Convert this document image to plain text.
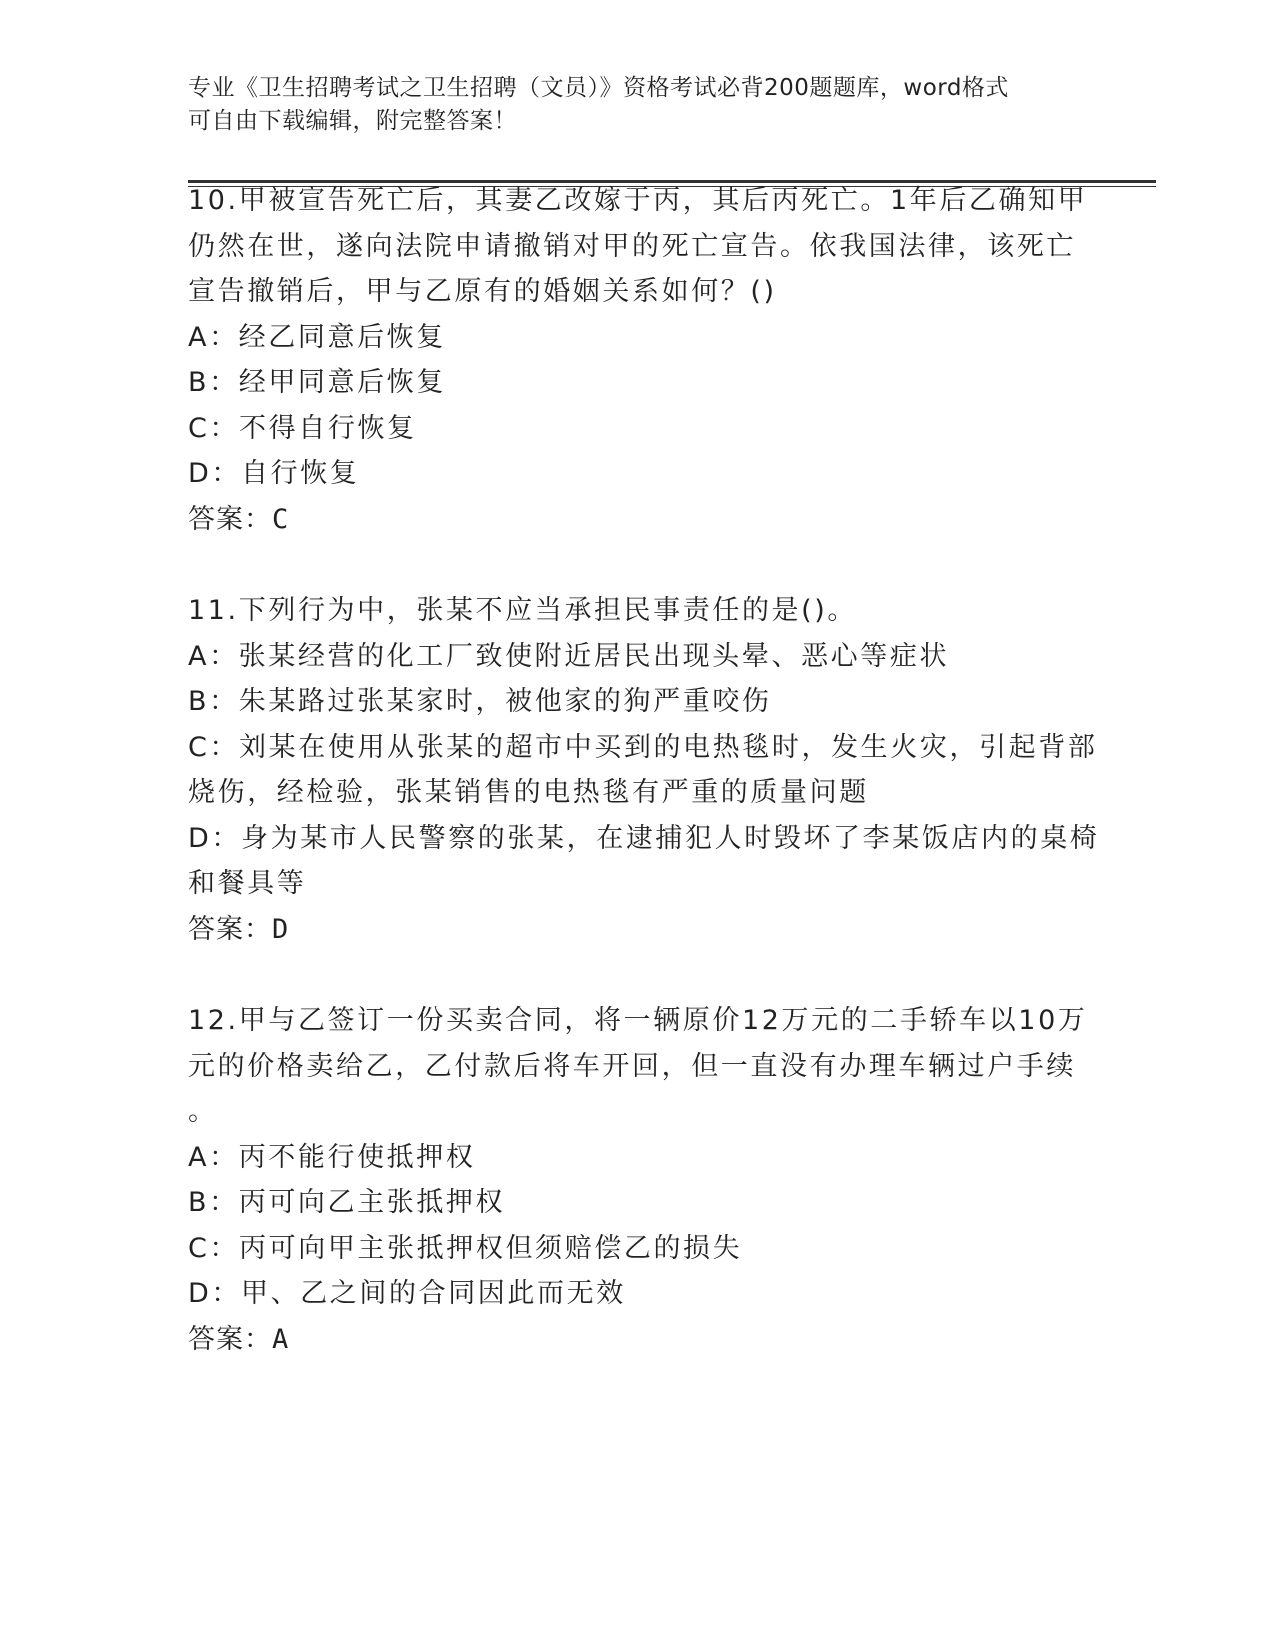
专业《卫生招聘考试之卫生招聘（文员）》资格考试必背200题题库，word格式
可自由下载编辑，附完整答案！
10.甲被宣告死亡后，其妻乙改嫁于丙，其后丙死亡。1年后乙确知甲
仍然在世，遂向法院申请撤销对甲的死亡宣告。依我国法律，该死亡
宣告撤销后，甲与乙原有的婚姻关系如何？()
A：经乙同意后恢复
B：经甲同意后恢复
C：不得自行恢复
D：自行恢复
答案：C
11.下列行为中，张某不应当承担民事责任的是()。
A：张某经营的化工厂致使附近居民出现头晕、恶心等症状
B：朱某路过张某家时，被他家的狗严重咬伤
C：刘某在使用从张某的超市中买到的电热毯时，发生火灾，引起背部
烧伤，经检验，张某销售的电热毯有严重的质量问题
D：身为某市人民警察的张某，在逮捕犯人时毁坏了李某饭店内的桌椅
和餐具等
答案：D
12.甲与乙签订一份买卖合同，将一辆原价12万元的二手轿车以10万
元的价格卖给乙，乙付款后将车开回，但一直没有办理车辆过户手续
。
A：丙不能行使抵押权
B：丙可向乙主张抵押权
C：丙可向甲主张抵押权但须赔偿乙的损失
D：甲、乙之间的合同因此而无效
答案：A
